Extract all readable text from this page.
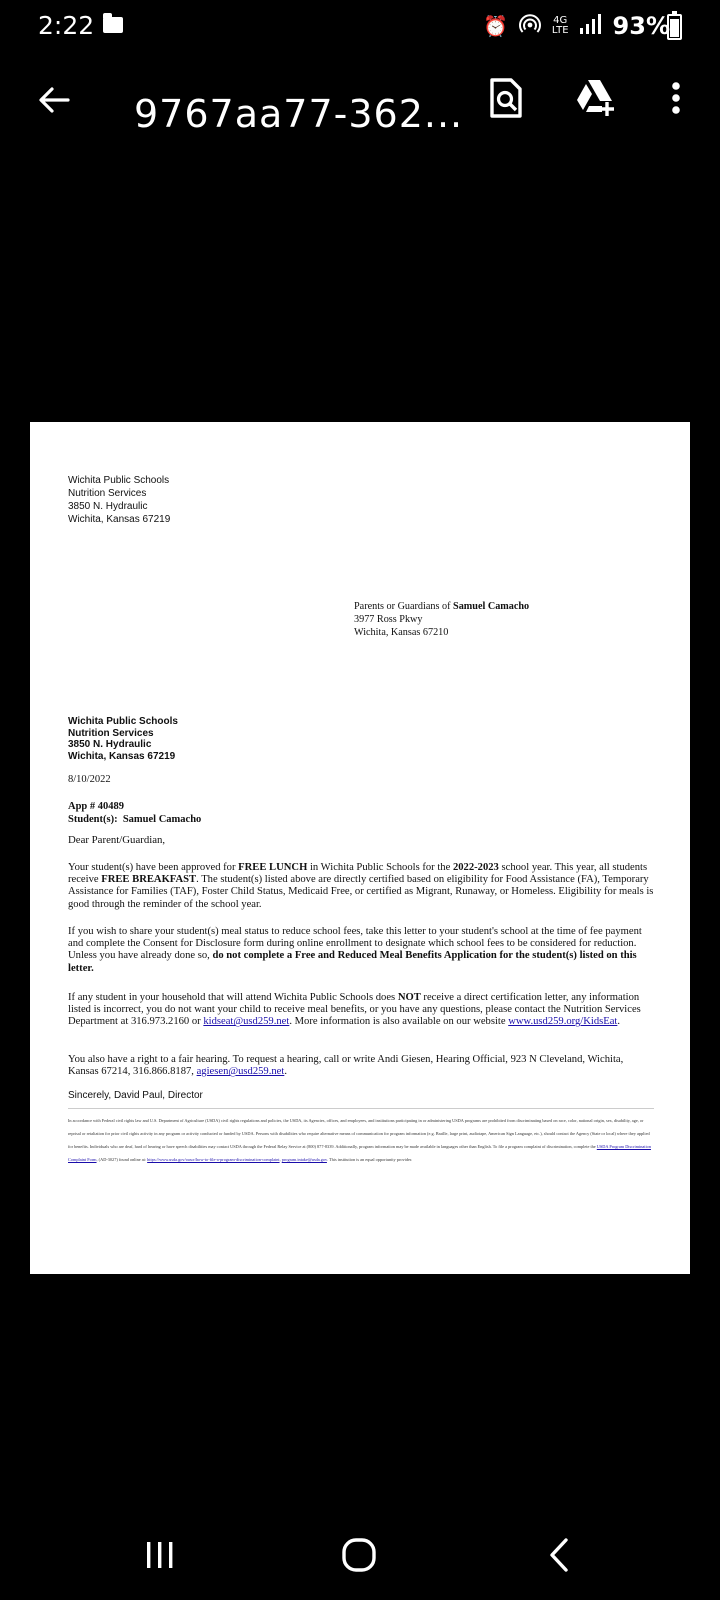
2:22	⏰	4G
LTE 93%
9767aa77-362...
Wichita Public Schools
Nutrition Services
3850 N. Hydraulic
Wichita, Kansas 67219
Parents or Guardians of Samuel Camacho
3977 Ross Pkwy
Wichita, Kansas 67210
Wichita Public Schools
Nutrition Services
3850 N. Hydraulic
Wichita, Kansas 67219
8/10/2022
App # 40489
Student(s): Samuel Camacho
Dear Parent/Guardian,
Your student(s) have been approved for FREE LUNCH in Wichita Public Schools for the 2022-2023 school year. This year, all students receive FREE BREAKFAST. The student(s) listed above are directly certified based on eligibility for Food Assistance (FA), Temporary Assistance for Families (TAF), Foster Child Status, Medicaid Free, or certified as Migrant, Runaway, or Homeless. Eligibility for meals is good through the reminder of the school year.
If you wish to share your student(s) meal status to reduce school fees, take this letter to your student's school at the time of fee payment and complete the Consent for Disclosure form during online enrollment to designate which school fees to be considered for reduction. Unless you have already done so, do not complete a Free and Reduced Meal Benefits Application for the student(s) listed on this letter.
If any student in your household that will attend Wichita Public Schools does NOT receive a direct certification letter, any information listed is incorrect, you do not want your child to receive meal benefits, or you have any questions, please contact the Nutrition Services Department at 316.973.2160 or kidseat@usd259.net. More information is also available on our website www.usd259.org/KidsEat.
You also have a right to a fair hearing. To request a hearing, call or write Andi Giesen, Hearing Official, 923 N Cleveland, Wichita, Kansas 67214, 316.866.8187, agiesen@usd259.net.
Sincerely, David Paul, Director
In accordance with Federal civil rights law and U.S. Department of Agriculture (USDA) civil rights regulations and policies, the USDA, its Agencies, offices, and employees, and institutions participating in or administering USDA programs are prohibited from discriminating based on race, color, national origin, sex, disability, age, or reprisal or retaliation for prior civil rights activity in any program or activity conducted or funded by USDA. Persons with disabilities who require alternative means of communication for program information (e.g. Braille, large print, audiotape, American Sign Language, etc.), should contact the Agency (State or local) where they applied for benefits. Individuals who are deaf, hard of hearing or have speech disabilities may contact USDA through the Federal Relay Service at (800) 877-8339. Additionally, program information may be made available in languages other than English. To file a program complaint of discrimination, complete the USDA Program Discrimination Complaint Form, (AD-3027) found online at: https://www.usda.gov/oascr/how-to-file-a-program-discrimination-complaint, program.intake@usda.gov. This institution is an equal opportunity provider.
